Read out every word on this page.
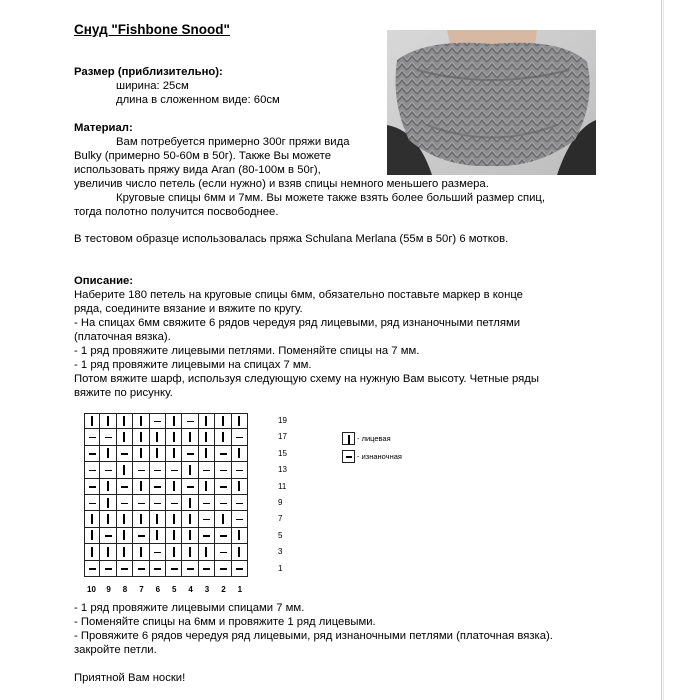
Снуд "Fishbone Snood"
Размер (приблизительно):
ширина: 25см
длина в сложенном виде: 60см
Материал:
Вам потребуется примерно 300г пряжи вида
Bulky (примерно 50-60м в 50г). Также Вы можете
использовать пряжу вида Aran (80-100м в 50г),
увеличив число петель (если нужно) и взяв спицы немного меньшего размера.
Круговые спицы 6мм и 7мм. Вы можете также взять более больший размер спиц,
тогда полотно получится посвободнее.
В тестовом образце использовалась пряжа Schulana Merlana (55м в 50г) 6 мотков.
Описание:
Наберите 180 петель на круговые спицы 6мм, обязательно поставьте маркер в конце
ряда, соедините вязание и вяжите по кругу.
- На спицах 6мм свяжите 6 рядов чередуя ряд лицевыми, ряд изнаночными петлями
(платочная вязка).
- 1 ряд провяжите лицевыми петлями. Поменяйте спицы на 7 мм.
- 1 ряд провяжите лицевыми на спицах 7 мм.
Потом вяжите шарф, используя следующую схему на нужную Вам высоту. Четные ряды
вяжите по рисунку.
19
17
15
13
11
9
7
5
3
1
10 9 8 7 6 5 4 3 2 1
- лицевая
- изнаночная
- 1 ряд провяжите лицевыми спицами 7 мм.
- Поменяйте спицы на 6мм и провяжите 1 ряд лицевыми.
- Провяжите 6 рядов чередуя ряд лицевыми, ряд изнаночными петлями (платочная вязка).
закройте петли.
Приятной Вам носки!
